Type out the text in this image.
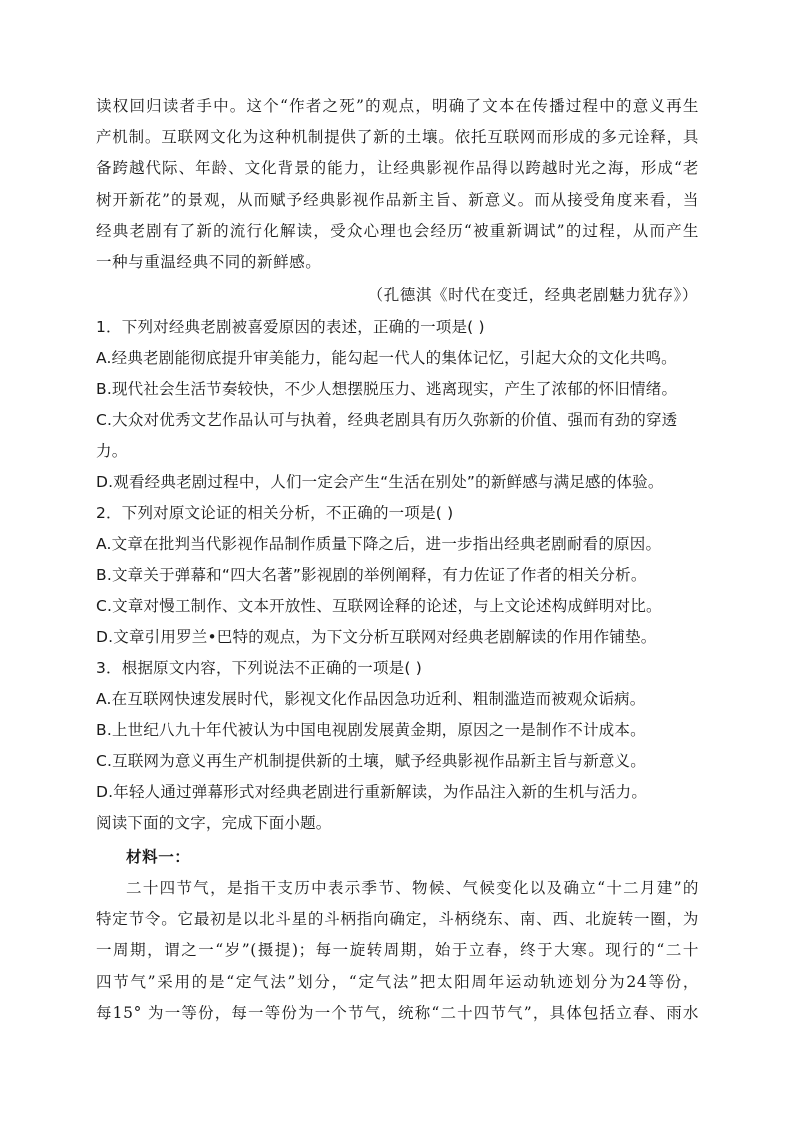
读权回归读者手中。这个“作者之死”的观点，明确了文本在传播过程中的意义再生
产机制。互联网文化为这种机制提供了新的土壤。依托互联网而形成的多元诠释，具
备跨越代际、年龄、文化背景的能力，让经典影视作品得以跨越时光之海，形成“老
树开新花”的景观，从而赋予经典影视作品新主旨、新意义。而从接受角度来看，当
经典老剧有了新的流行化解读，受众心理也会经历“被重新调试”的过程，从而产生
一种与重温经典不同的新鲜感。
（孔德淇《时代在变迁，经典老剧魅力犹存》）
1．下列对经典老剧被喜爱原因的表述，正确的一项是( )
A.经典老剧能彻底提升审美能力，能勾起一代人的集体记忆，引起大众的文化共鸣。
B.现代社会生活节奏较快，不少人想摆脱压力、逃离现实，产生了浓郁的怀旧情绪。
C.大众对优秀文艺作品认可与执着，经典老剧具有历久弥新的价值、强而有劲的穿透
力。
D.观看经典老剧过程中，人们一定会产生“生活在别处”的新鲜感与满足感的体验。
2．下列对原文论证的相关分析，不正确的一项是( )
A.文章在批判当代影视作品制作质量下降之后，进一步指出经典老剧耐看的原因。
B.文章关于弹幕和“四大名著”影视剧的举例阐释，有力佐证了作者的相关分析。
C.文章对慢工制作、文本开放性、互联网诠释的论述，与上文论述构成鲜明对比。
D.文章引用罗兰•巴特的观点，为下文分析互联网对经典老剧解读的作用作铺垫。
3．根据原文内容，下列说法不正确的一项是( )
A.在互联网快速发展时代，影视文化作品因急功近利、粗制滥造而被观众诟病。
B.上世纪八九十年代被认为中国电视剧发展黄金期，原因之一是制作不计成本。
C.互联网为意义再生产机制提供新的土壤，赋予经典影视作品新主旨与新意义。
D.年轻人通过弹幕形式对经典老剧进行重新解读，为作品注入新的生机与活力。
阅读下面的文字，完成下面小题。
材料一：
二十四节气，是指干支历中表示季节、物候、气候变化以及确立“十二月建”的
特定节令。它最初是以北斗星的斗柄指向确定，斗柄绕东、南、西、北旋转一圈，为
一周期，谓之一“岁”(摄提)；每一旋转周期，始于立春，终于大寒。现行的“二十
四节气”采用的是“定气法”划分，“定气法”把太阳周年运动轨迹划分为24等份，
每15° 为一等份，每一等份为一个节气，统称“二十四节气”，具体包括立春、雨水
